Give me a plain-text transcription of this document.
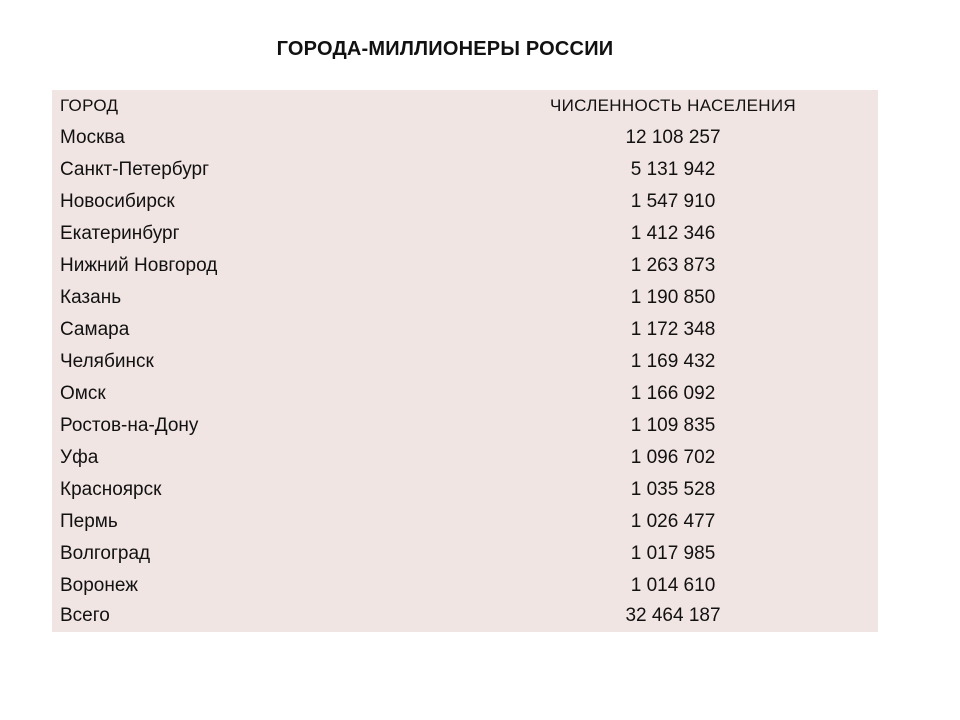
ГОРОДА-МИЛЛИОНЕРЫ РОССИИ
ГОРОД	ЧИСЛЕННОСТЬ НАСЕЛЕНИЯ
Москва	12 108 257
Санкт-Петербург	5 131 942
Новосибирск	1 547 910
Екатеринбург	1 412 346
Нижний Новгород	1 263 873
Казань	1 190 850
Самара	1 172 348
Челябинск	1 169 432
Омск	1 166 092
Ростов-на-Дону	1 109 835
Уфа	1 096 702
Красноярск	1 035 528
Пермь	1 026 477
Волгоград	1 017 985
Воронеж	1 014 610
Всего	32 464 187
